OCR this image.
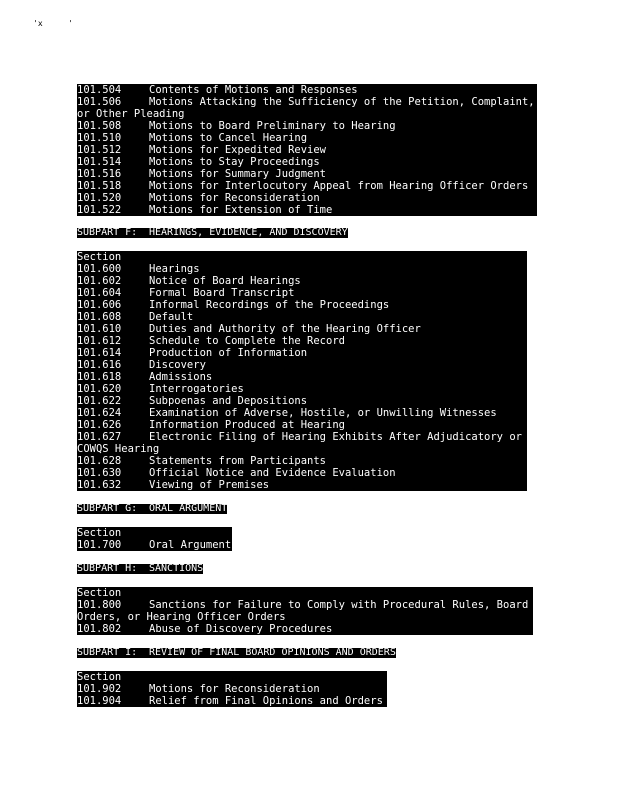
'x	'
101.504	Contents of Motions and Responses
101.506	Motions Attacking the Sufficiency of the Petition, Complaint,
or Other Pleading
101.508	Motions to Board Preliminary to Hearing
101.510	Motions to Cancel Hearing
101.512	Motions for Expedited Review
101.514	Motions to Stay Proceedings
101.516	Motions for Summary Judgment
101.518	Motions for Interlocutory Appeal from Hearing Officer Orders
101.520	Motions for Reconsideration
101.522	Motions for Extension of Time
SUBPART F: HEARINGS, EVIDENCE, AND DISCOVERY
Section
101.600	Hearings
101.602	Notice of Board Hearings
101.604	Formal Board Transcript
101.606	Informal Recordings of the Proceedings
101.608	Default
101.610	Duties and Authority of the Hearing Officer
101.612	Schedule to Complete the Record
101.614	Production of Information
101.616	Discovery
101.618	Admissions
101.620	Interrogatories
101.622	Subpoenas and Depositions
101.624	Examination of Adverse, Hostile, or Unwilling Witnesses
101.626	Information Produced at Hearing
101.627	Electronic Filing of Hearing Exhibits After Adjudicatory or
COWQS Hearing
101.628	Statements from Participants
101.630	Official Notice and Evidence Evaluation
101.632	Viewing of Premises
SUBPART G: ORAL ARGUMENT
Section
101.700	Oral Argument
SUBPART H: SANCTIONS
Section
101.800	Sanctions for Failure to Comply with Procedural Rules, Board
Orders, or Hearing Officer Orders
101.802	Abuse of Discovery Procedures
SUBPART I: REVIEW OF FINAL BOARD OPINIONS AND ORDERS
Section
101.902	Motions for Reconsideration
101.904	Relief from Final Opinions and Orders
